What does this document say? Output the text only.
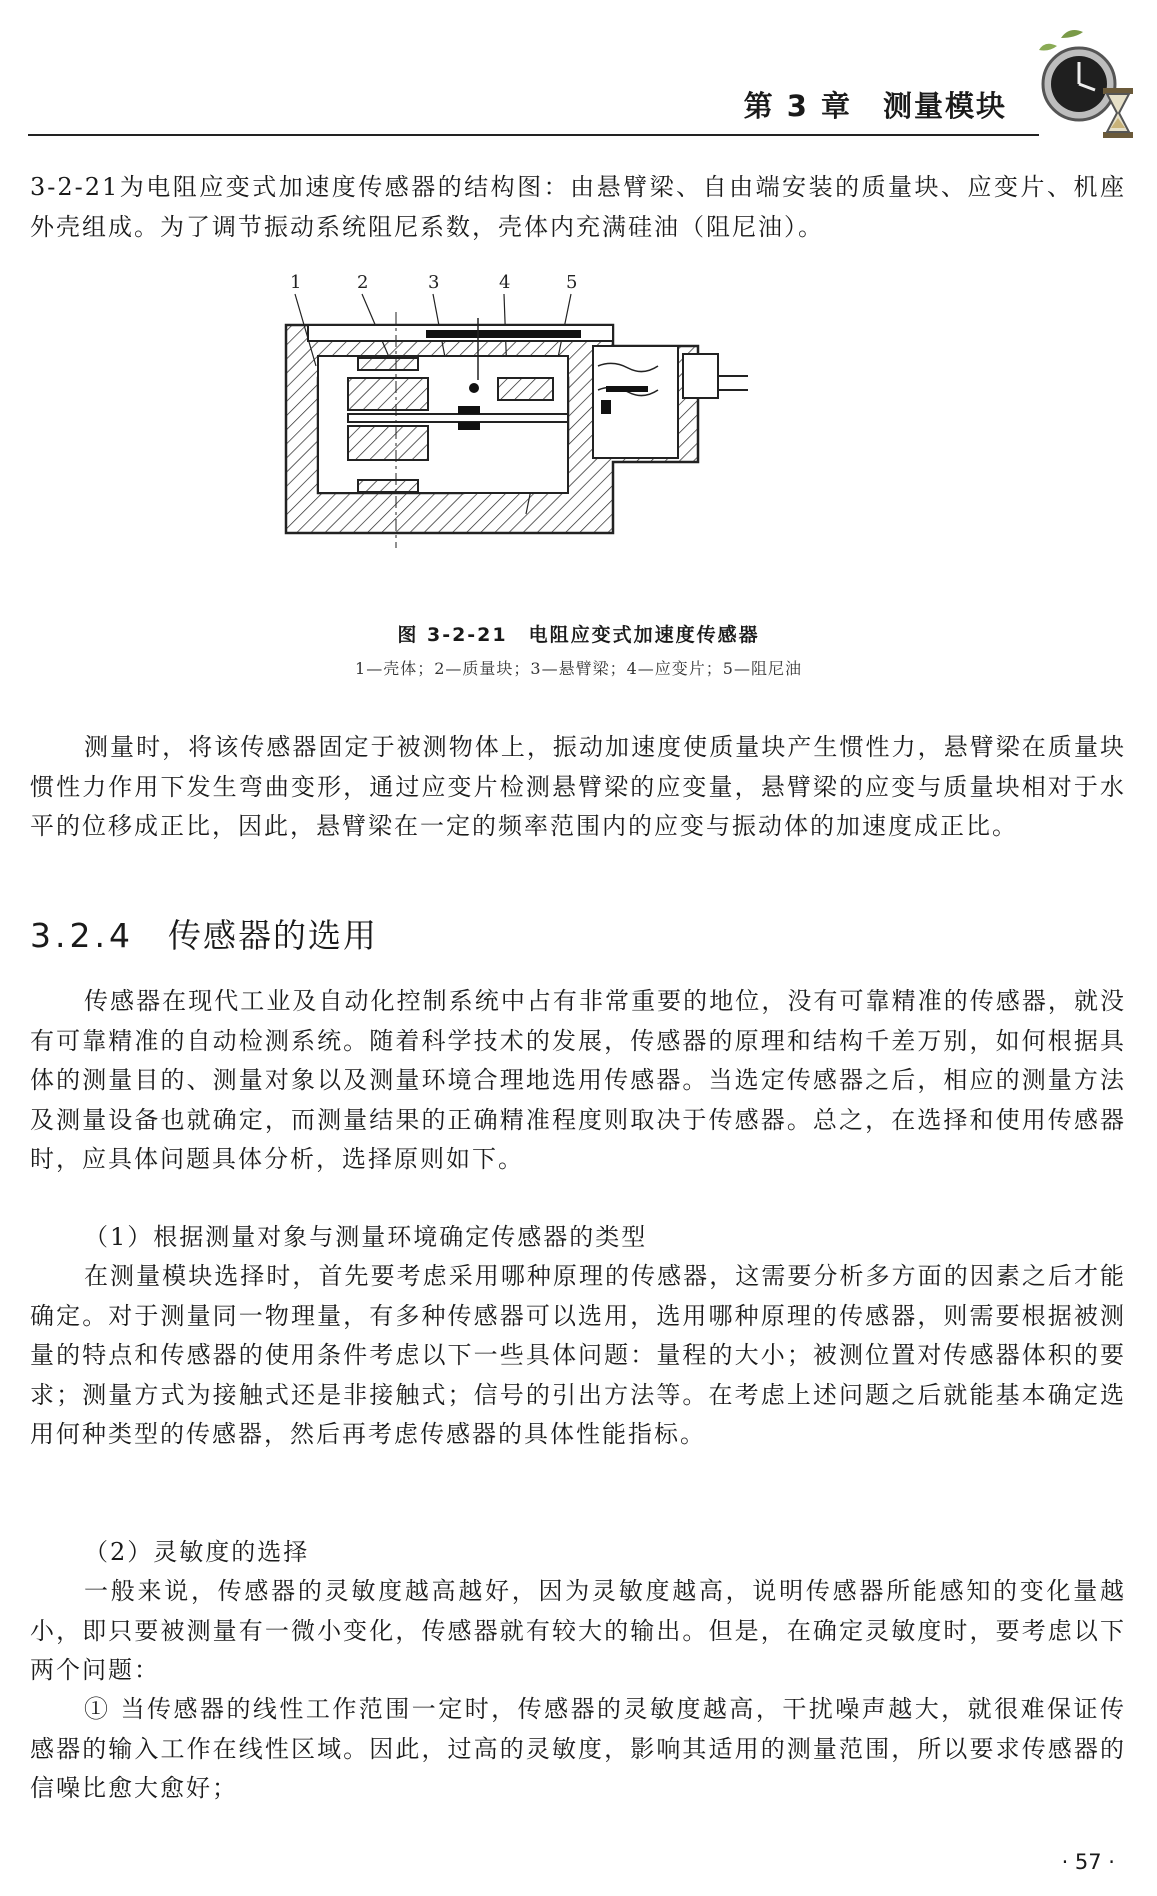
第 3 章　测量模块

3-2-21为电阻应变式加速度传感器的结构图：由悬臂梁、自由端安装的质量块、应变片、机座外壳组成。为了调节振动系统阻尼系数，壳体内充满硅油（阻尼油）。

1	2	3	4	5
图 3-2-21　电阻应变式加速度传感器
1—壳体；2—质量块；3—悬臂梁；4—应变片；5—阻尼油

测量时，将该传感器固定于被测物体上，振动加速度使质量块产生惯性力，悬臂梁在质量块惯性力作用下发生弯曲变形，通过应变片检测悬臂梁的应变量，悬臂梁的应变与质量块相对于水平的位移成正比，因此，悬臂梁在一定的频率范围内的应变与振动体的加速度成正比。

3.2.4 传感器的选用

传感器在现代工业及自动化控制系统中占有非常重要的地位，没有可靠精准的传感器，就没有可靠精准的自动检测系统。随着科学技术的发展，传感器的原理和结构千差万别，如何根据具体的测量目的、测量对象以及测量环境合理地选用传感器。当选定传感器之后，相应的测量方法及测量设备也就确定，而测量结果的正确精准程度则取决于传感器。总之，在选择和使用传感器时，应具体问题具体分析，选择原则如下。

（1）根据测量对象与测量环境确定传感器的类型

在测量模块选择时，首先要考虑采用哪种原理的传感器，这需要分析多方面的因素之后才能确定。对于测量同一物理量，有多种传感器可以选用，选用哪种原理的传感器，则需要根据被测量的特点和传感器的使用条件考虑以下一些具体问题：量程的大小；被测位置对传感器体积的要求；测量方式为接触式还是非接触式；信号的引出方法等。在考虑上述问题之后就能基本确定选用何种类型的传感器，然后再考虑传感器的具体性能指标。

（2）灵敏度的选择

一般来说，传感器的灵敏度越高越好，因为灵敏度越高，说明传感器所能感知的变化量越小，即只要被测量有一微小变化，传感器就有较大的输出。但是，在确定灵敏度时，要考虑以下两个问题：

① 当传感器的线性工作范围一定时，传感器的灵敏度越高，干扰噪声越大，就很难保证传感器的输入工作在线性区域。因此，过高的灵敏度，影响其适用的测量范围，所以要求传感器的信噪比愈大愈好；

· 57 ·
